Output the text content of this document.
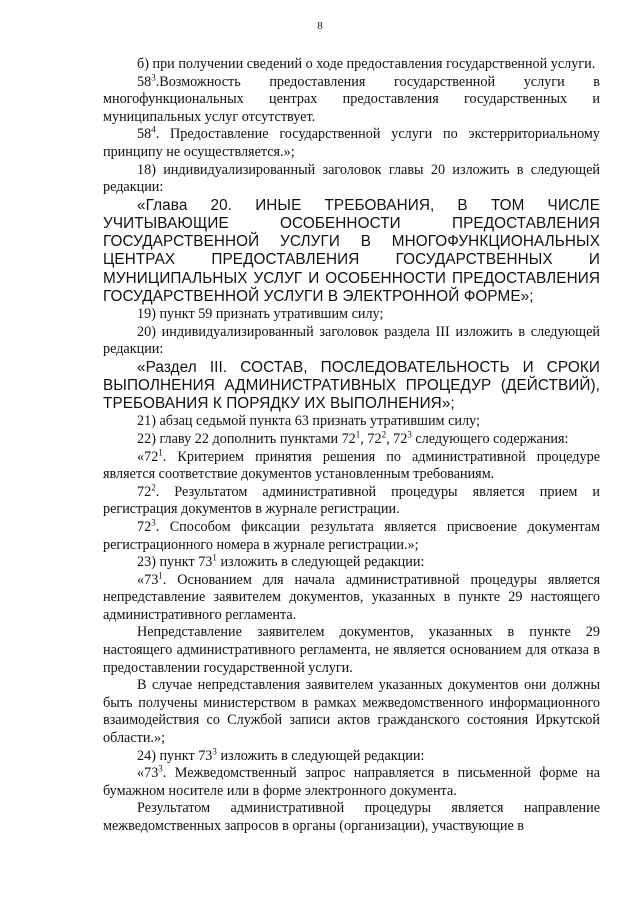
8

б) при получении сведений о ходе предоставления государственной услуги.

$58^3.Возможность$ предоставления государственной услуги в многофункциональных центрах предоставления государственных и муниципальных услуг отсутствует.

$58^4$. Предоставление государственной услуги по экстерриториальному принципу не осуществляется.»;

18) индивидуализированный заголовок главы 20 изложить в следующей редакции:

«Глава 20. ИНЫЕ ТРЕБОВАНИЯ, В ТОМ ЧИСЛЕ УЧИТЫВАЮЩИЕ ОСОБЕННОСТИ ПРЕДОСТАВЛЕНИЯ ГОСУДАРСТВЕННОЙ УСЛУГИ В МНОГОФУНКЦИОНАЛЬНЫХ ЦЕНТРАХ ПРЕДОСТАВЛЕНИЯ ГОСУДАРСТВЕННЫХ И МУНИЦИПАЛЬНЫХ УСЛУГ И ОСОБЕННОСТИ ПРЕДОСТАВЛЕНИЯ ГОСУДАРСТВЕННОЙ УСЛУГИ В ЭЛЕКТРОННОЙ ФОРМЕ»;

19) пункт 59 признать утратившим силу;

20) индивидуализированный заголовок раздела III изложить в следующей редакции:

«Раздел III. СОСТАВ, ПОСЛЕДОВАТЕЛЬНОСТЬ И СРОКИ ВЫПОЛНЕНИЯ АДМИНИСТРАТИВНЫХ ПРОЦЕДУР (ДЕЙСТВИЙ), ТРЕБОВАНИЯ К ПОРЯДКУ ИХ ВЫПОЛНЕНИЯ»;

21) абзац седьмой пункта 63 признать утратившим силу;

22) главу 22 дополнить пунктами $72^1$, $72^2$, $72^3$ следующего содержания:

«$72^1$. Критерием принятия решения по административной процедуре является соответствие документов установленным требованиям.

$72^2$. Результатом административной процедуры является прием и регистрация документов в журнале регистрации.

$72^3$. Способом фиксации результата является присвоение документам регистрационного номера в журнале регистрации.»;

23) пункт $73^1$ изложить в следующей редакции:

«$73^1$. Основанием для начала административной процедуры является непредставление заявителем документов, указанных в пункте 29 настоящего административного регламента.

Непредставление заявителем документов, указанных в пункте 29 настоящего административного регламента, не является основанием для отказа в предоставлении государственной услуги.

В случае непредставления заявителем указанных документов они должны быть получены министерством в рамках межведомственного информационного взаимодействия со Службой записи актов гражданского состояния Иркутской области.»;

24) пункт $73^3$ изложить в следующей редакции:

«$73^3$. Межведомственный запрос направляется в письменной форме на бумажном носителе или в форме электронного документа.

Результатом административной процедуры является направление межведомственных запросов в органы (организации), участвующие в
